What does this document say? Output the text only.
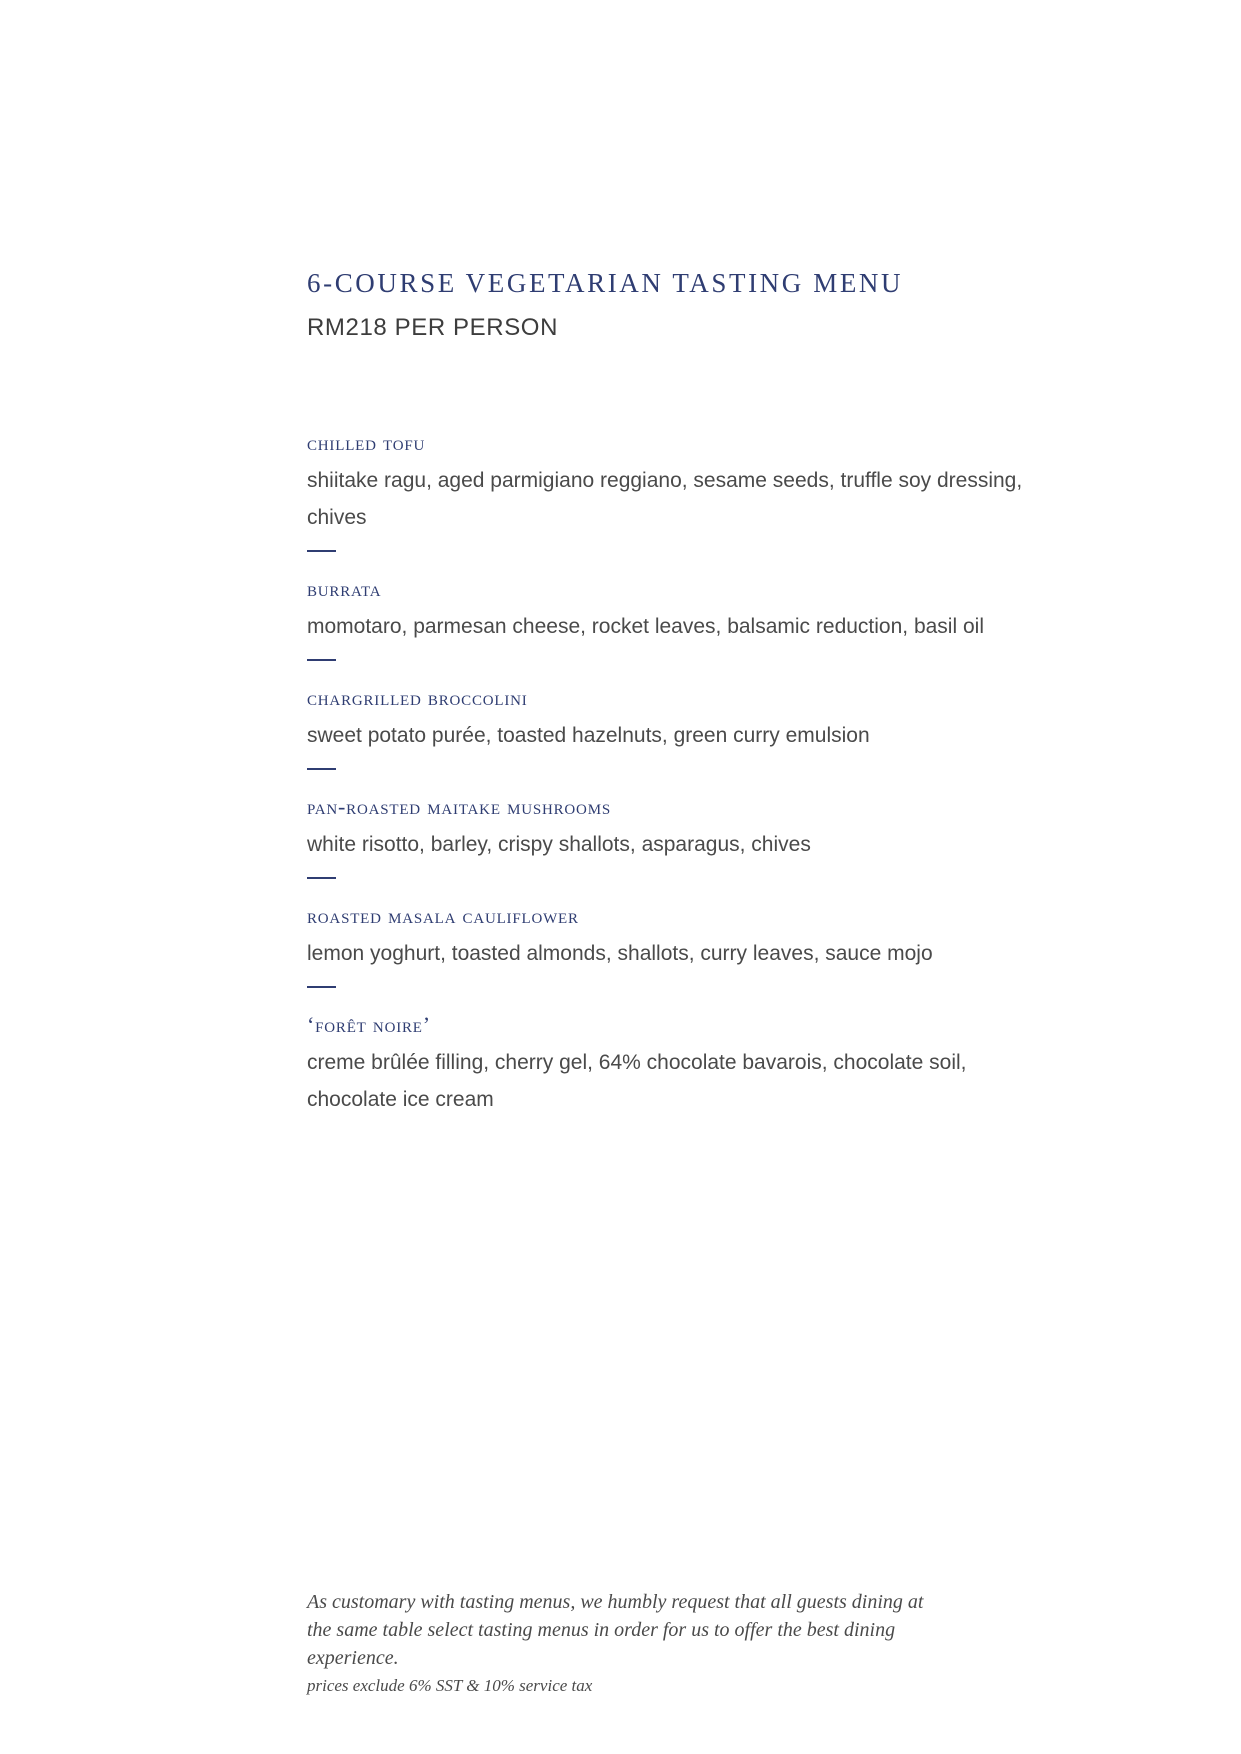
6-COURSE VEGETARIAN TASTING MENU

RM218 PER PERSON

chilled tofu

shiitake ragu, aged parmigiano reggiano, sesame seeds, truffle soy dressing, chives

burrata

momotaro, parmesan cheese, rocket leaves, balsamic reduction, basil oil

chargrilled broccolini

sweet potato purée, toasted hazelnuts, green curry emulsion

pan-roasted maitake mushrooms

white risotto, barley, crispy shallots, asparagus, chives

roasted masala cauliflower

lemon yoghurt, toasted almonds, shallots, curry leaves, sauce mojo

‘forêt noire’

creme brûlée filling, cherry gel, 64% chocolate bavarois, chocolate soil, chocolate ice cream

As customary with tasting menus, we humbly request that all guests dining at the same table select tasting menus in order for us to offer the best dining experience.

prices exclude 6% SST & 10% service tax
